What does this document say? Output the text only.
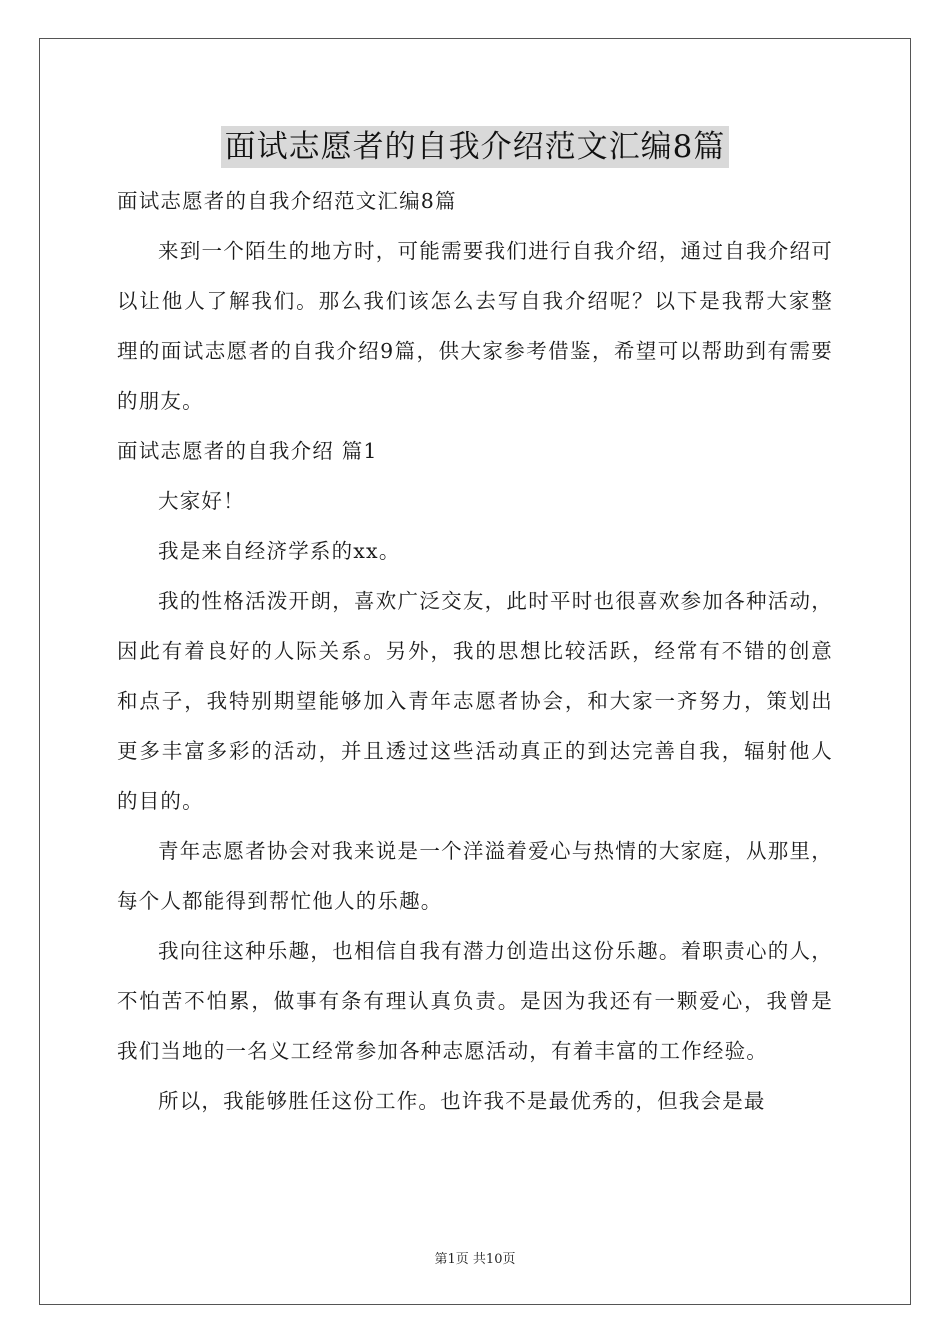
面试志愿者的自我介绍范文汇编8篇

面试志愿者的自我介绍范文汇编8篇

来到一个陌生的地方时，可能需要我们进行自我介绍，通过自我介绍可以让他人了解我们。那么我们该怎么去写自我介绍呢？以下是我帮大家整理的面试志愿者的自我介绍9篇，供大家参考借鉴，希望可以帮助到有需要的朋友。

面试志愿者的自我介绍 篇1

大家好！

我是来自经济学系的xx。

我的性格活泼开朗，喜欢广泛交友，此时平时也很喜欢参加各种活动，因此有着良好的人际关系。另外，我的思想比较活跃，经常有不错的创意和点子，我特别期望能够加入青年志愿者协会，和大家一齐努力，策划出更多丰富多彩的活动，并且透过这些活动真正的到达完善自我，辐射他人的目的。

青年志愿者协会对我来说是一个洋溢着爱心与热情的大家庭，从那里，每个人都能得到帮忙他人的乐趣。

我向往这种乐趣，也相信自我有潜力创造出这份乐趣。着职责心的人，不怕苦不怕累，做事有条有理认真负责。是因为我还有一颗爱心，我曾是我们当地的一名义工经常参加各种志愿活动，有着丰富的工作经验。

所以，我能够胜任这份工作。也许我不是最优秀的，但我会是最

第1页 共10页
